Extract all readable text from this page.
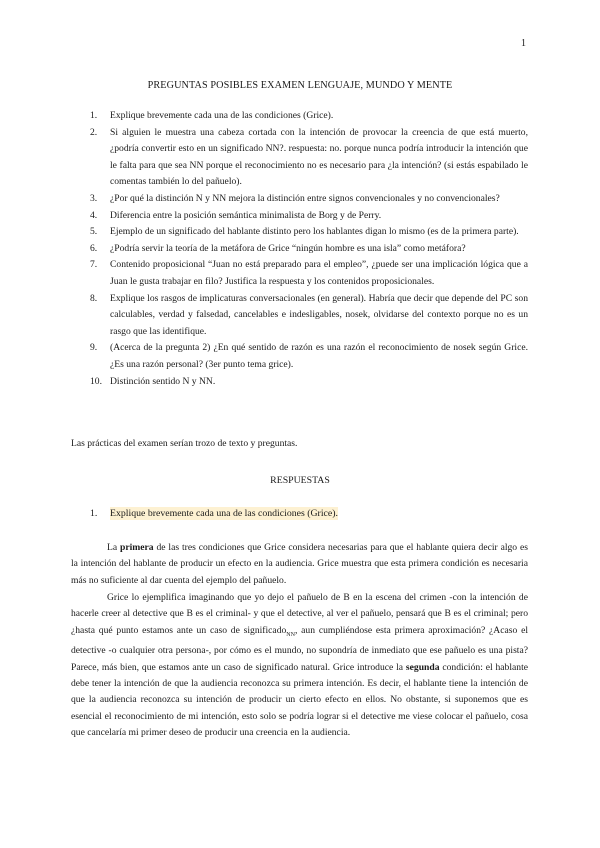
1
PREGUNTAS POSIBLES EXAMEN LENGUAJE, MUNDO Y MENTE
1. Explique brevemente cada una de las condiciones (Grice).
2. Si alguien le muestra una cabeza cortada con la intención de provocar la creencia de que está muerto, ¿podría convertir esto en un significado NN?. respuesta: no. porque nunca podría introducir la intención que le falta para que sea NN porque el reconocimiento no es necesario para ¿la intención? (si estás espabilado le comentas también lo del pañuelo).
3. ¿Por qué la distinción N y NN mejora la distinción entre signos convencionales y no convencionales?
4. Diferencia entre la posición semántica minimalista de Borg y de Perry.
5. Ejemplo de un significado del hablante distinto pero los hablantes digan lo mismo (es de la primera parte).
6. ¿Podría servir la teoría de la metáfora de Grice “ningún hombre es una isla” como metáfora?
7. Contenido proposicional “Juan no está preparado para el empleo”, ¿puede ser una implicación lógica que a Juan le gusta trabajar en filo? Justifica la respuesta y los contenidos proposicionales.
8. Explique los rasgos de implicaturas conversacionales (en general). Habría que decir que depende del PC son calculables, verdad y falsedad, cancelables e indesligables, nosek, olvidarse del contexto porque no es un rasgo que las identifique.
9. (Acerca de la pregunta 2) ¿En qué sentido de razón es una razón el reconocimiento de nosek según Grice. ¿Es una razón personal? (3er punto tema grice).
10. Distinción sentido N y NN.

Las prácticas del examen serían trozo de texto y preguntas.

RESPUESTAS
1. Explique brevemente cada una de las condiciones (Grice).

La primera de las tres condiciones que Grice considera necesarias para que el hablante quiera decir algo es la intención del hablante de producir un efecto en la audiencia. Grice muestra que esta primera condición es necesaria más no suficiente al dar cuenta del ejemplo del pañuelo.

Grice lo ejemplifica imaginando que yo dejo el pañuelo de B en la escena del crimen -con la intención de hacerle creer al detective que B es el criminal- y que el detective, al ver el pañuelo, pensará que B es el criminal; pero ¿hasta qué punto estamos ante un caso de significado$_{NN}$, aun cumpliéndose esta primera aproximación? ¿Acaso el detective -o cualquier otra persona-, por cómo es el mundo, no supondría de inmediato que ese pañuelo es una pista? Parece, más bien, que estamos ante un caso de significado natural. Grice introduce la segunda condición: el hablante debe tener la intención de que la audiencia reconozca su primera intención. Es decir, el hablante tiene la intención de que la audiencia reconozca su intención de producir un cierto efecto en ellos. No obstante, si suponemos que es esencial el reconocimiento de mi intención, esto solo se podría lograr si el detective me viese colocar el pañuelo, cosa que cancelaría mi primer deseo de producir una creencia en la audiencia.
